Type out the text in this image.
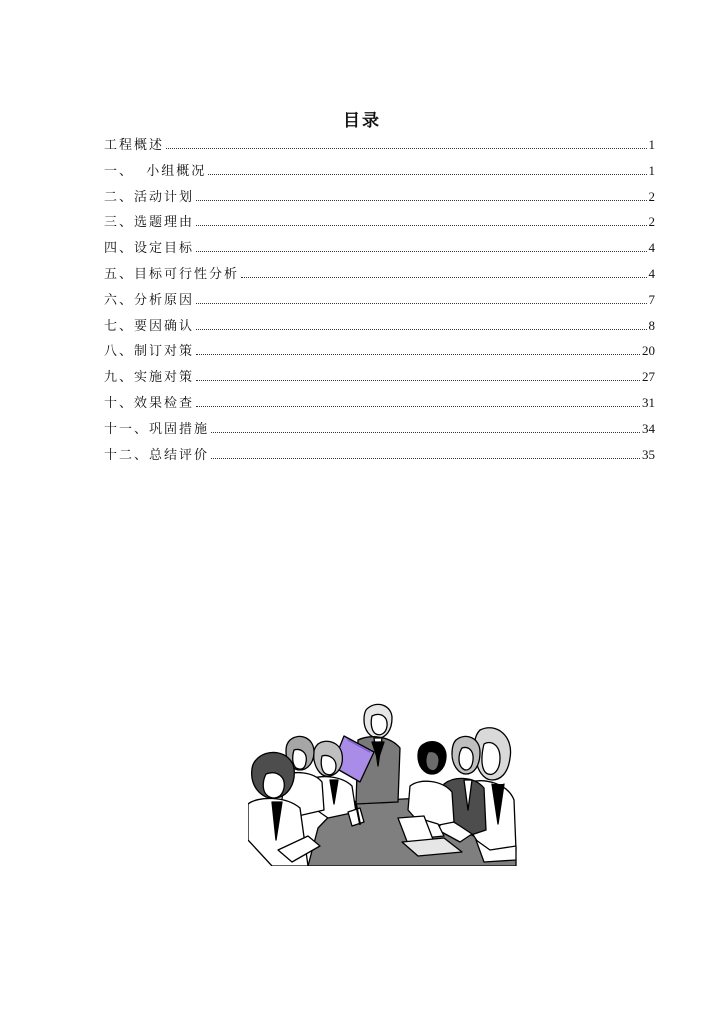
目录
工程概述	1
一、  小组概况	1
二、活动计划	2
三、选题理由	2
四、设定目标	4
五、目标可行性分析	4
六、分析原因	7
七、要因确认	8
八、制订对策	20
九、实施对策	27
十、效果检查	31
十一、巩固措施	34
十二、总结评价	35
